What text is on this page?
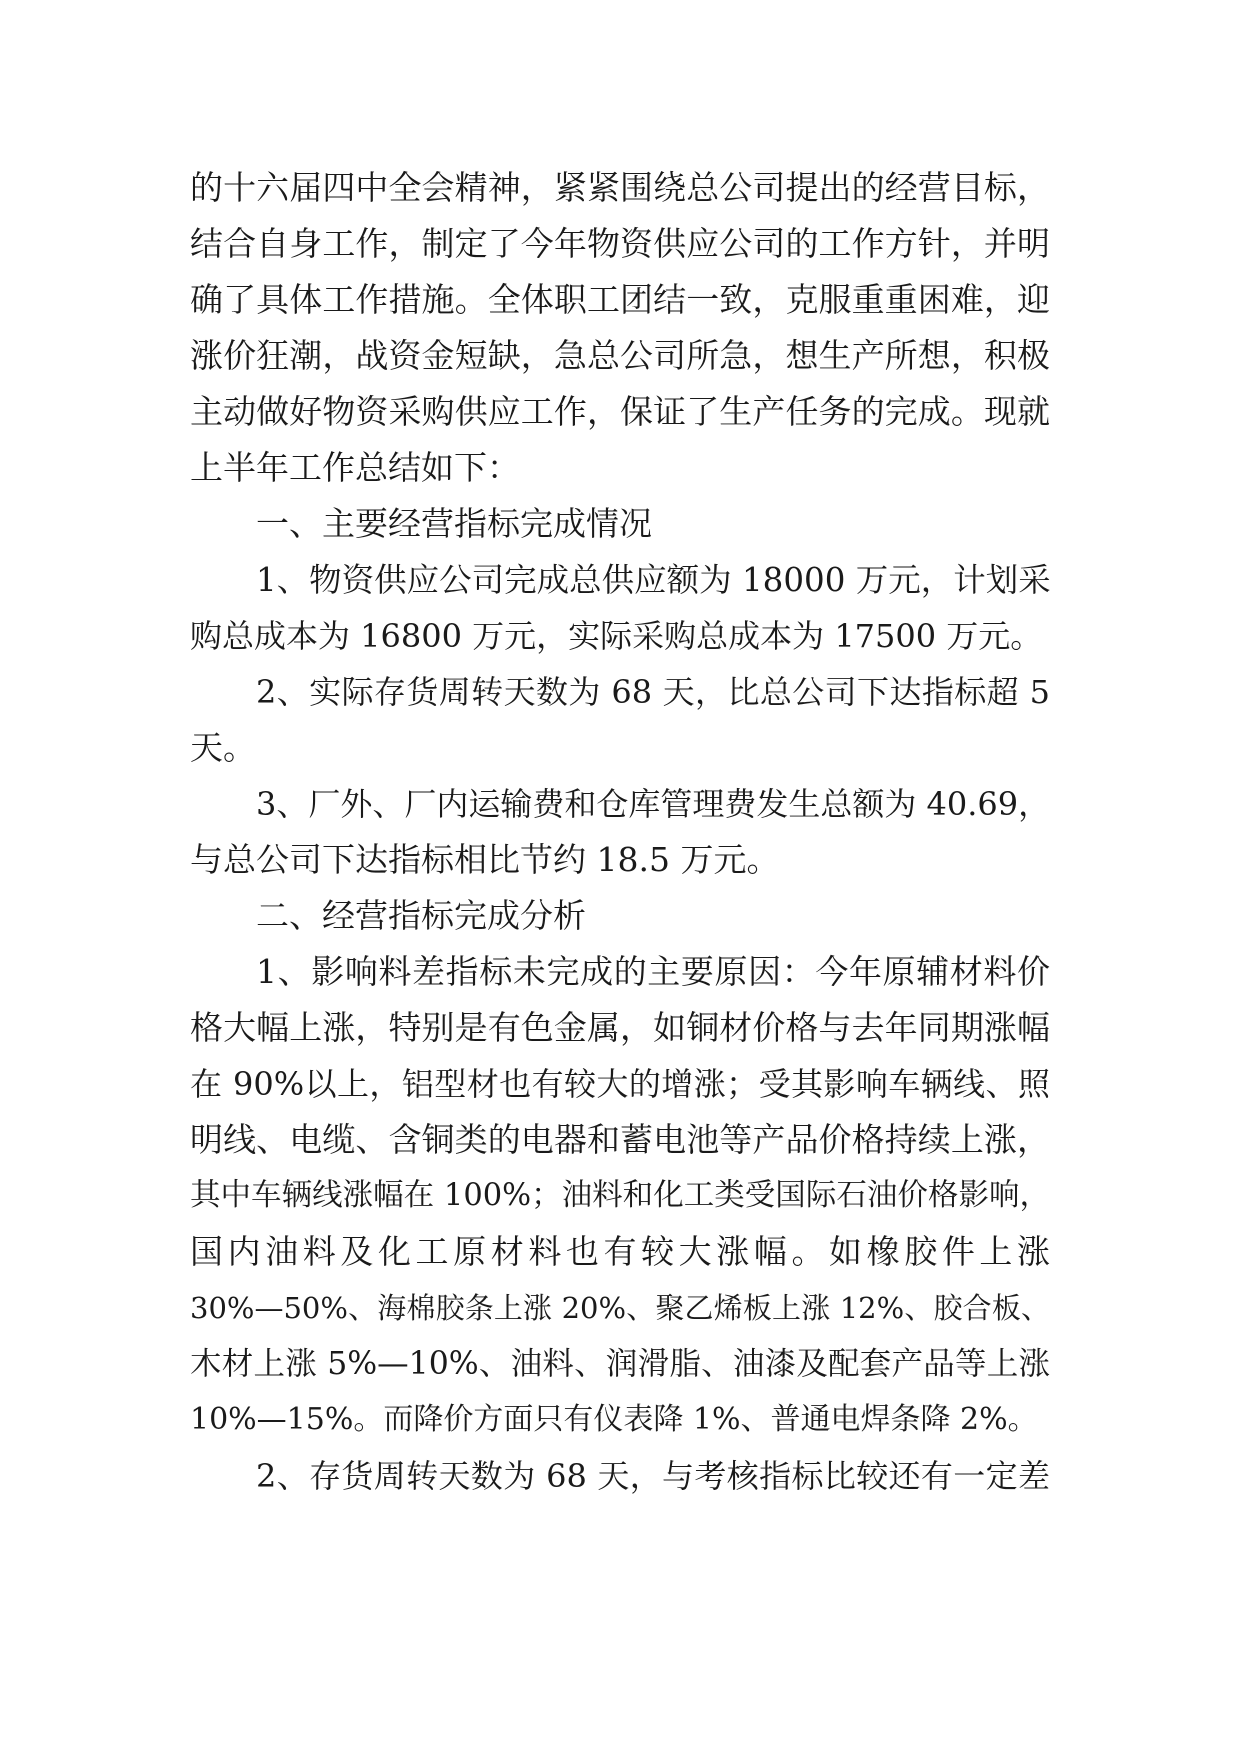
的十六届四中全会精神，紧紧围绕总公司提出的经营目标，
结合自身工作，制定了今年物资供应公司的工作方针，并明
确了具体工作措施。全体职工团结一致，克服重重困难，迎
涨价狂潮，战资金短缺，急总公司所急，想生产所想，积极
主动做好物资采购供应工作，保证了生产任务的完成。现就
上半年工作总结如下：
一、主要经营指标完成情况
1、物资供应公司完成总供应额为 18000 万元，计划采
购总成本为 16800 万元，实际采购总成本为 17500 万元。
2、实际存货周转天数为 68 天，比总公司下达指标超 5
天。
3、厂外、厂内运输费和仓库管理费发生总额为 40.69，
与总公司下达指标相比节约 18.5 万元。
二、经营指标完成分析
1、影响料差指标未完成的主要原因：今年原辅材料价
格大幅上涨，特别是有色金属，如铜材价格与去年同期涨幅
在 90%以上，铝型材也有较大的增涨；受其影响车辆线、照
明线、电缆、含铜类的电器和蓄电池等产品价格持续上涨，
其中车辆线涨幅在 100%；油料和化工类受国际石油价格影响，
国内油料及化工原材料也有较大涨幅。如橡胶件上涨
30%—50%、海棉胶条上涨 20%、聚乙烯板上涨 12%、胶合板、
木材上涨 5%—10%、油料、润滑脂、油漆及配套产品等上涨
10%—15%。而降价方面只有仪表降 1%、普通电焊条降 2%。
2、存货周转天数为 68 天，与考核指标比较还有一定差
